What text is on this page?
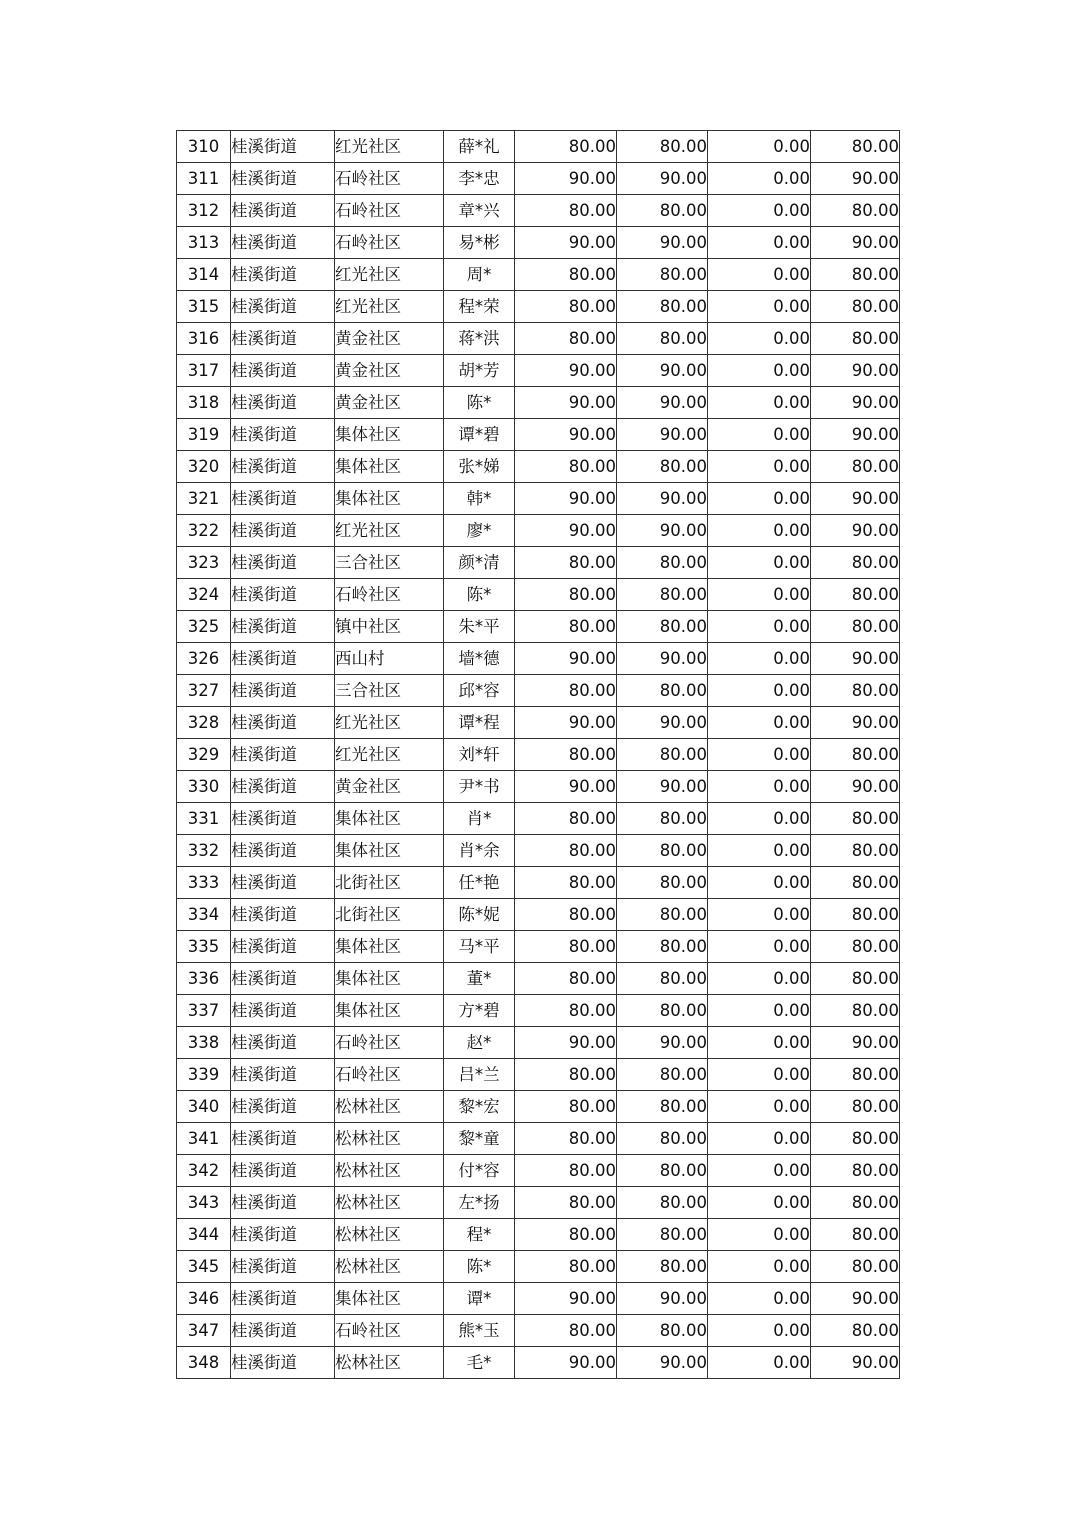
310	桂溪街道	红光社区	薛*礼	80.00	80.00	0.00	80.00
311	桂溪街道	石岭社区	李*忠	90.00	90.00	0.00	90.00
312	桂溪街道	石岭社区	章*兴	80.00	80.00	0.00	80.00
313	桂溪街道	石岭社区	易*彬	90.00	90.00	0.00	90.00
314	桂溪街道	红光社区	周*	80.00	80.00	0.00	80.00
315	桂溪街道	红光社区	程*荣	80.00	80.00	0.00	80.00
316	桂溪街道	黄金社区	蒋*洪	80.00	80.00	0.00	80.00
317	桂溪街道	黄金社区	胡*芳	90.00	90.00	0.00	90.00
318	桂溪街道	黄金社区	陈*	90.00	90.00	0.00	90.00
319	桂溪街道	集体社区	谭*碧	90.00	90.00	0.00	90.00
320	桂溪街道	集体社区	张*娣	80.00	80.00	0.00	80.00
321	桂溪街道	集体社区	韩*	90.00	90.00	0.00	90.00
322	桂溪街道	红光社区	廖*	90.00	90.00	0.00	90.00
323	桂溪街道	三合社区	颜*清	80.00	80.00	0.00	80.00
324	桂溪街道	石岭社区	陈*	80.00	80.00	0.00	80.00
325	桂溪街道	镇中社区	朱*平	80.00	80.00	0.00	80.00
326	桂溪街道	西山村	墙*德	90.00	90.00	0.00	90.00
327	桂溪街道	三合社区	邱*容	80.00	80.00	0.00	80.00
328	桂溪街道	红光社区	谭*程	90.00	90.00	0.00	90.00
329	桂溪街道	红光社区	刘*轩	80.00	80.00	0.00	80.00
330	桂溪街道	黄金社区	尹*书	90.00	90.00	0.00	90.00
331	桂溪街道	集体社区	肖*	80.00	80.00	0.00	80.00
332	桂溪街道	集体社区	肖*余	80.00	80.00	0.00	80.00
333	桂溪街道	北街社区	任*艳	80.00	80.00	0.00	80.00
334	桂溪街道	北街社区	陈*妮	80.00	80.00	0.00	80.00
335	桂溪街道	集体社区	马*平	80.00	80.00	0.00	80.00
336	桂溪街道	集体社区	董*	80.00	80.00	0.00	80.00
337	桂溪街道	集体社区	方*碧	80.00	80.00	0.00	80.00
338	桂溪街道	石岭社区	赵*	90.00	90.00	0.00	90.00
339	桂溪街道	石岭社区	吕*兰	80.00	80.00	0.00	80.00
340	桂溪街道	松林社区	黎*宏	80.00	80.00	0.00	80.00
341	桂溪街道	松林社区	黎*童	80.00	80.00	0.00	80.00
342	桂溪街道	松林社区	付*容	80.00	80.00	0.00	80.00
343	桂溪街道	松林社区	左*扬	80.00	80.00	0.00	80.00
344	桂溪街道	松林社区	程*	80.00	80.00	0.00	80.00
345	桂溪街道	松林社区	陈*	80.00	80.00	0.00	80.00
346	桂溪街道	集体社区	谭*	90.00	90.00	0.00	90.00
347	桂溪街道	石岭社区	熊*玉	80.00	80.00	0.00	80.00
348	桂溪街道	松林社区	毛*	90.00	90.00	0.00	90.00
